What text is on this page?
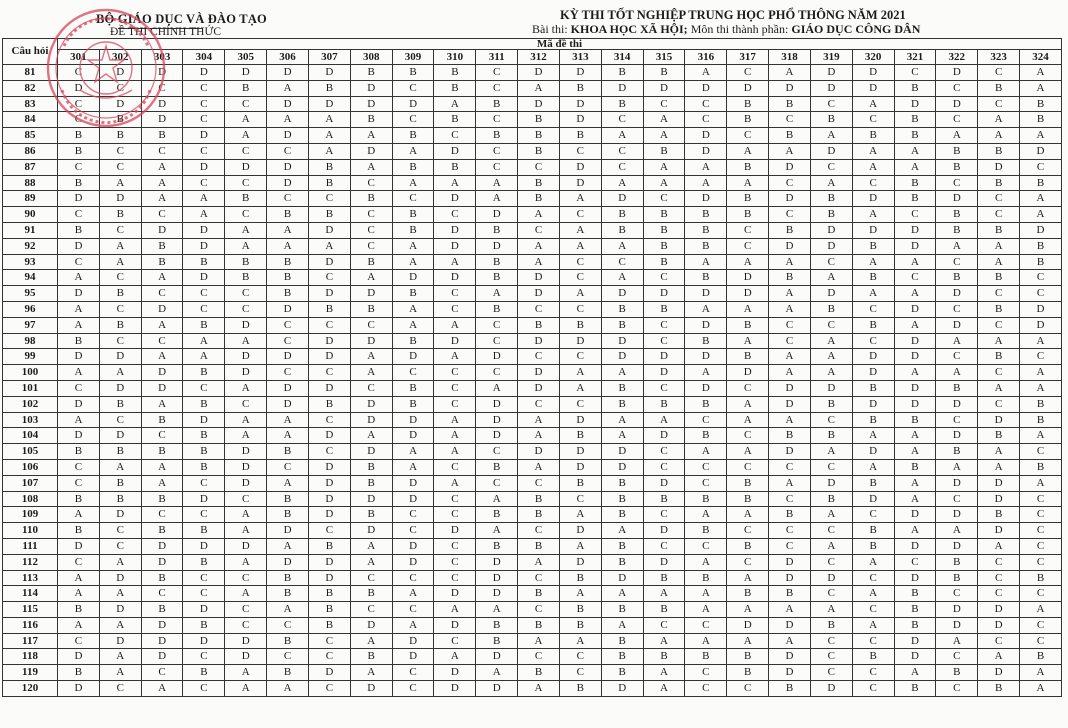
BỘ GIÁO DỤC VÀ ĐÀO TẠO
ĐỀ THI CHÍNH THỨC
KỲ THI TỐT NGHIỆP TRUNG HỌC PHỔ THÔNG NĂM 2021
Bài thi: KHOA HỌC XÃ HỘI; Môn thi thành phần: GIÁO DỤC CÔNG DÂN
Câu hỏi	Mã đề thi																							
	301	302	303	304	305	306	307	308	309	310	311	312	313	314	315	316	317	318	319	320	321	322	323	324
81	C	D	D	D	D	D	D	B	B	B	C	D	D	B	B	A	C	A	D	D	C	D	C	A
82	D	C	C	C	B	A	B	D	C	B	C	A	B	D	D	D	D	D	D	D	B	C	B	A
83	C	D	D	C	C	D	D	D	D	A	B	D	D	B	C	C	B	B	C	A	D	D	C	B
84	C	B	D	C	A	A	A	B	C	B	C	B	D	C	A	C	B	C	B	C	B	C	A	B
85	B	B	B	D	A	D	A	A	B	C	B	B	B	A	A	D	C	B	A	B	B	A	A	A
86	B	C	C	C	C	C	A	D	A	D	C	B	C	C	B	D	A	A	D	A	A	B	B	D
87	C	C	A	D	D	D	B	A	B	B	C	C	D	C	A	A	B	D	C	A	A	B	D	C
88	B	A	A	C	C	D	B	C	A	A	A	B	D	A	A	A	A	C	A	C	B	C	B	B
89	D	D	A	A	B	C	C	B	C	D	A	B	A	D	C	D	B	D	B	D	B	D	C	A
90	C	B	C	A	C	B	B	C	B	C	D	A	C	B	B	B	B	C	B	A	C	B	C	A
91	B	C	D	D	A	A	D	C	B	D	B	C	A	B	B	B	C	B	D	D	D	B	B	D
92	D	A	B	D	A	A	A	C	A	D	D	A	A	A	B	B	C	D	D	B	D	A	A	B
93	C	A	B	B	B	B	D	B	A	A	B	A	C	C	B	A	A	A	C	A	A	C	A	B
94	A	C	A	D	B	B	C	A	D	D	B	D	C	A	C	B	D	B	A	B	C	B	B	C
95	D	B	C	C	C	B	D	D	B	C	A	D	A	D	D	D	D	A	D	A	A	D	C	C
96	A	C	D	C	C	D	B	B	A	C	B	C	C	B	B	A	A	A	B	C	D	C	B	D
97	A	B	A	B	D	C	C	C	A	A	C	B	B	B	C	D	B	C	C	B	A	D	C	D
98	B	C	C	A	A	C	D	D	B	D	C	D	D	D	C	B	A	C	A	C	D	A	A	A
99	D	D	A	A	D	D	D	A	D	A	D	C	C	D	D	D	B	A	A	D	D	C	B	C
100	A	A	D	B	D	C	C	A	C	C	C	D	A	A	D	A	D	A	A	D	A	A	C	A
101	C	D	D	C	A	D	D	C	B	C	A	D	A	B	C	D	C	D	D	B	D	B	A	A
102	D	B	A	B	C	D	B	D	B	C	D	C	C	B	B	B	A	D	B	D	D	D	C	B
103	A	C	B	D	A	A	C	D	D	A	D	A	D	A	A	C	A	A	C	B	B	C	D	B
104	D	D	C	B	A	A	D	A	D	A	D	A	B	A	D	B	C	B	B	A	A	D	B	A
105	B	B	B	B	D	B	C	D	A	A	C	D	D	D	C	A	A	D	A	D	A	B	A	C
106	C	A	A	B	D	C	D	B	A	C	B	A	D	D	C	C	C	C	C	A	B	A	A	B
107	C	B	A	C	D	A	D	B	D	A	C	C	B	B	D	C	B	A	D	B	A	D	D	A
108	B	B	B	D	C	B	D	D	D	C	A	B	C	B	B	B	B	C	B	D	A	C	D	C
109	A	D	C	C	A	B	D	B	C	C	B	B	A	B	C	A	A	B	A	C	D	D	B	C
110	B	C	B	B	A	D	C	D	C	D	A	C	D	A	D	B	C	C	C	B	A	A	D	C
111	D	C	D	D	D	A	B	A	D	C	B	B	A	B	C	C	B	C	A	B	D	D	A	C
112	C	A	D	B	A	D	D	A	D	C	D	A	D	B	D	A	C	D	C	A	C	B	C	C
113	A	D	B	C	C	B	D	C	C	C	D	C	B	D	B	B	A	D	D	C	D	B	C	B
114	A	A	C	C	A	B	B	B	A	D	D	B	A	A	A	A	B	B	C	A	B	C	C	C
115	B	D	B	D	C	A	B	C	C	A	A	C	B	B	B	A	A	A	A	C	B	D	D	A
116	A	A	D	B	C	C	B	D	A	D	B	B	B	A	C	C	D	D	B	A	B	D	D	C
117	C	D	D	D	D	B	C	A	D	C	B	A	A	B	A	A	A	A	C	C	D	A	C	C
118	D	A	D	C	D	C	C	B	D	A	D	C	C	B	B	B	B	D	C	B	D	C	A	B
119	B	A	C	B	A	B	D	A	C	D	A	B	C	B	A	C	B	D	C	C	A	B	D	A
120	D	C	A	C	A	A	C	D	C	D	D	A	B	D	A	C	C	B	D	C	B	C	B	A
